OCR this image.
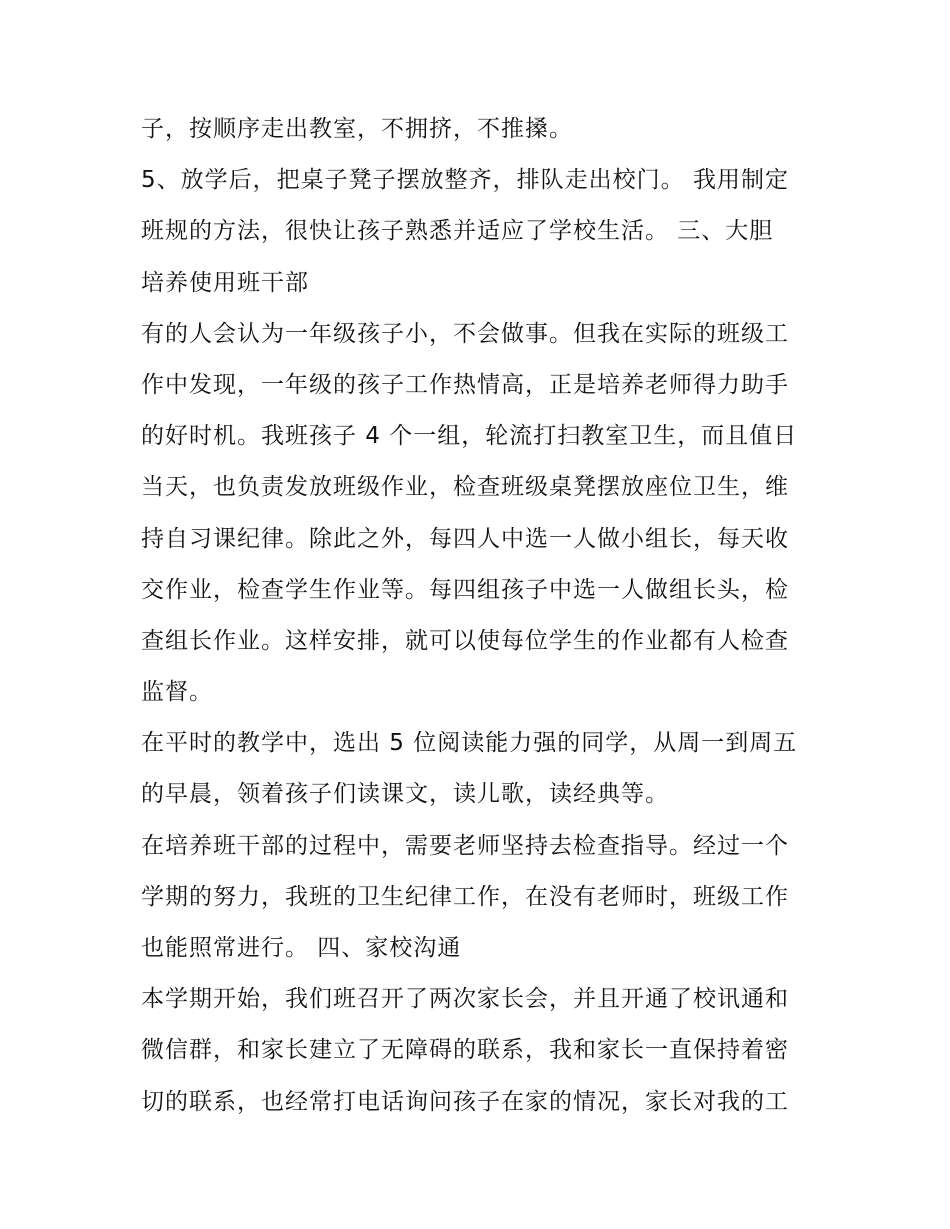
子，按顺序走出教室，不拥挤，不推搡。
5、放学后，把桌子凳子摆放整齐，排队走出校门。 我用制定
班规的方法，很快让孩子熟悉并适应了学校生活。 三、大胆
培养使用班干部
有的人会认为一年级孩子小，不会做事。但我在实际的班级工
作中发现，一年级的孩子工作热情高，正是培养老师得力助手
的好时机。我班孩子 4 个一组，轮流打扫教室卫生，而且值日
当天，也负责发放班级作业，检查班级桌凳摆放座位卫生，维
持自习课纪律。除此之外，每四人中选一人做小组长，每天收
交作业，检查学生作业等。每四组孩子中选一人做组长头，检
查组长作业。这样安排，就可以使每位学生的作业都有人检查
监督。
在平时的教学中，选出 5 位阅读能力强的同学，从周一到周五
的早晨，领着孩子们读课文，读儿歌，读经典等。
在培养班干部的过程中，需要老师坚持去检查指导。经过一个
学期的努力，我班的卫生纪律工作，在没有老师时，班级工作
也能照常进行。 四、家校沟通
本学期开始，我们班召开了两次家长会，并且开通了校讯通和
微信群，和家长建立了无障碍的联系，我和家长一直保持着密
切的联系，也经常打电话询问孩子在家的情况，家长对我的工
